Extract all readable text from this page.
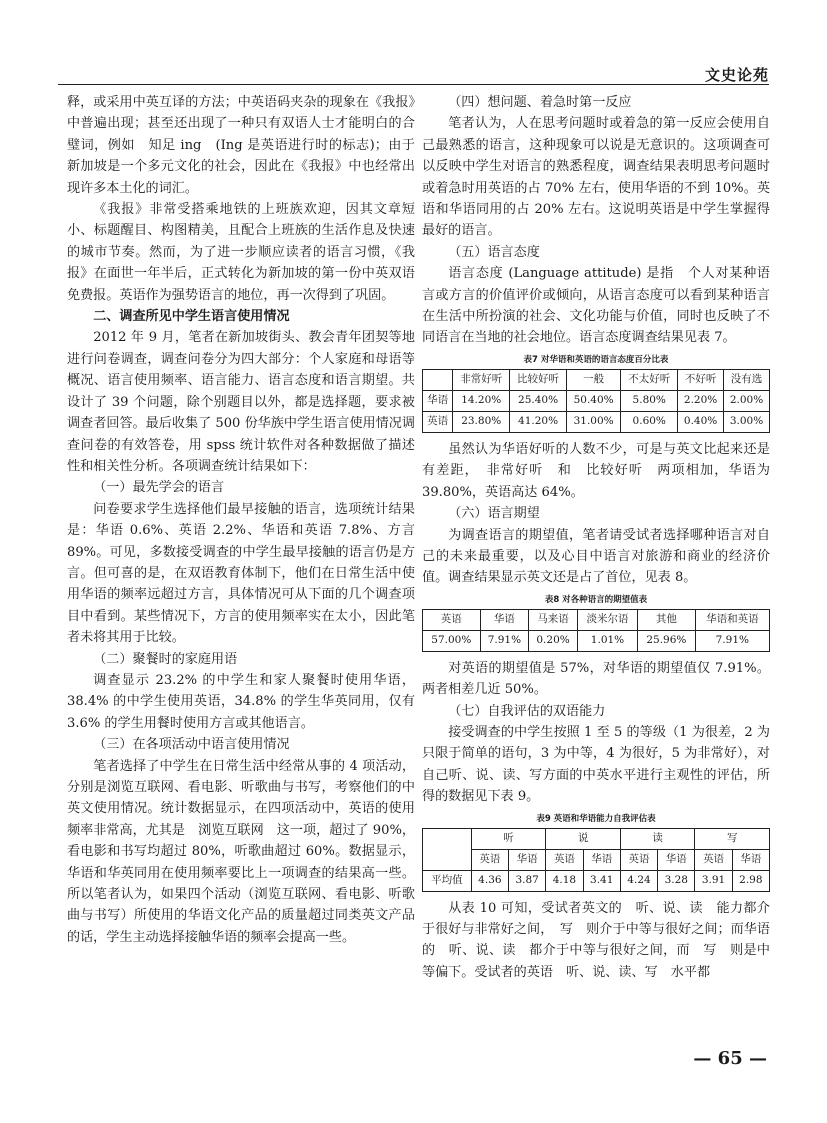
文史论苑

释，或采用中英互译的方法；中英语码夹杂的现象在《我报》中普遍出现；甚至还出现了一种只有双语人士才能明白的合璧词，例如　知足 ing　(Ing 是英语进行时的标志)；由于新加坡是一个多元文化的社会，因此在《我报》中也经常出现许多本土化的词汇。

《我报》非常受搭乘地铁的上班族欢迎，因其文章短小、标题醒目、构图精美，且配合上班族的生活作息及快速的城市节奏。然而，为了进一步顺应读者的语言习惯，《我报》在面世一年半后，正式转化为新加坡的第一份中英双语免费报。英语作为强势语言的地位，再一次得到了巩固。

二、调查所见中学生语言使用情况

2012 年 9 月，笔者在新加坡街头、教会青年团契等地进行问卷调查，调查问卷分为四大部分：个人家庭和母语等概况、语言使用频率、语言能力、语言态度和语言期望。共设计了 39 个问题，除个别题目以外，都是选择题，要求被调查者回答。最后收集了 500 份华族中学生语言使用情况调查问卷的有效答卷，用 spss 统计软件对各种数据做了描述性和相关性分析。各项调查统计结果如下：

（一）最先学会的语言

问卷要求学生选择他们最早接触的语言，选项统计结果是：华语 0.6%、英语 2.2%、华语和英语 7.8%、方言 89%。可见，多数接受调查的中学生最早接触的语言仍是方言。但可喜的是，在双语教育体制下，他们在日常生活中使用华语的频率远超过方言，具体情况可从下面的几个调查项目中看到。某些情况下，方言的使用频率实在太小，因此笔者未将其用于比较。

（二）聚餐时的家庭用语

调查显示 23.2% 的中学生和家人聚餐时使用华语，38.4% 的中学生使用英语，34.8% 的学生华英同用，仅有 3.6% 的学生用餐时使用方言或其他语言。

（三）在各项活动中语言使用情况

笔者选择了中学生在日常生活中经常从事的 4 项活动，分别是浏览互联网、看电影、听歌曲与书写，考察他们的中英文使用情况。统计数据显示，在四项活动中，英语的使用频率非常高，尤其是　浏览互联网　这一项，超过了 90%，看电影和书写均超过 80%，听歌曲超过 60%。数据显示，华语和华英同用在使用频率要比上一项调查的结果高一些。所以笔者认为，如果四个活动（浏览互联网、看电影、听歌曲与书写）所使用的华语文化产品的质量超过同类英文产品的话，学生主动选择接触华语的频率会提高一些。

（四）想问题、着急时第一反应

笔者认为，人在思考问题时或着急的第一反应会使用自己最熟悉的语言，这种现象可以说是无意识的。这项调查可以反映中学生对语言的熟悉程度，调查结果表明思考问题时或着急时用英语的占 70% 左右，使用华语的不到 10%。英语和华语同用的占 20% 左右。这说明英语是中学生掌握得最好的语言。

（五）语言态度

语言态度 (Language attitude) 是指　个人对某种语言或方言的价值评价或倾向，从语言态度可以看到某种语言在生活中所扮演的社会、文化功能与价值，同时也反映了不同语言在当地的社会地位。语言态度调查结果见表 7。

表7 对华语和英语的语言态度百分比表
	非常好听	比较好听	一般	不太好听	不好听	没有选
华语	14.20%	25.40%	50.40%	5.80%	2.20%	2.00%
英语	23.80%	41.20%	31.00%	0.60%	0.40%	3.00%

虽然认为华语好听的人数不少，可是与英文比起来还是有差距，　非常好听　和　比较好听　两项相加，华语为 39.80%，英语高达 64%。

（六）语言期望

为调查语言的期望值，笔者请受试者选择哪种语言对自己的未来最重要，以及心目中语言对旅游和商业的经济价值。调查结果显示英文还是占了首位，见表 8。

表8 对各种语言的期望值表
英语	华语	马来语	淡米尔语	其他	华语和英语
57.00%	7.91%	0.20%	1.01%	25.96%	7.91%

对英语的期望值是 57%，对华语的期望值仅 7.91%。两者相差几近 50%。

（七）自我评估的双语能力

接受调查的中学生按照 1 至 5 的等级（1 为很差，2 为只限于简单的语句，3 为中等，4 为很好，5 为非常好），对自己听、说、读、写方面的中英水平进行主观性的评估，所得的数据见下表 9。

表9 英语和华语能力自我评估表
	听		说		读		写	
	英语	华语	英语	华语	英语	华语	英语	华语
平均值	4.36	3.87	4.18	3.41	4.24	3.28	3.91	2.98

从表 10 可知，受试者英文的　听、说、读　能力都介于很好与非常好之间，　写　则介于中等与很好之间；而华语的　听、说、读　都介于中等与很好之间，而　写　则是中等偏下。受试者的英语　听、说、读、写　水平都

— 65 —
